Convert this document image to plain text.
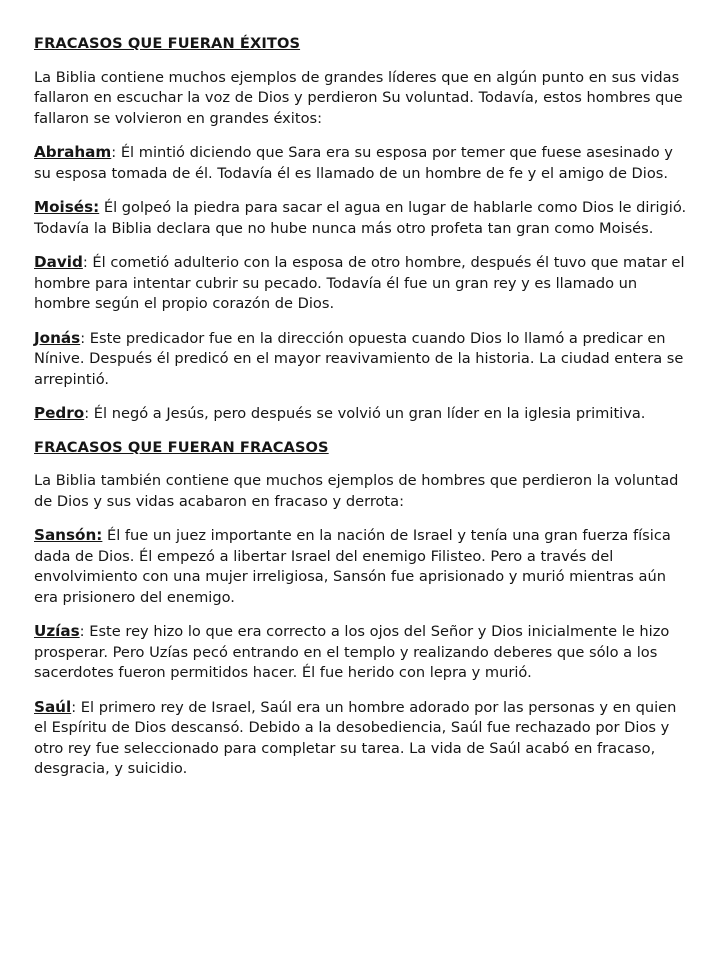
FRACASOS QUE FUERAN ÉXITOS
La Biblia contiene muchos ejemplos de grandes líderes que en algún punto en sus vidas fallaron en escuchar la voz de Dios y perdieron Su voluntad. Todavía, estos hombres que fallaron se volvieron en grandes éxitos:
Abraham: Él mintió diciendo que Sara era su esposa por temer que fuese asesinado y su esposa tomada de él. Todavía él es llamado de un hombre de fe y el amigo de Dios.
Moisés: Él golpeó la piedra para sacar el agua en lugar de hablarle como Dios le dirigió. Todavía la Biblia declara que no hube nunca más otro profeta tan gran como Moisés.
David: Él cometió adulterio con la esposa de otro hombre, después él tuvo que matar el hombre para intentar cubrir su pecado. Todavía él fue un gran rey y es llamado un hombre según el propio corazón de Dios.
Jonás: Este predicador fue en la dirección opuesta cuando Dios lo llamó a predicar en Nínive. Después él predicó en el mayor reavivamiento de la historia. La ciudad entera se arrepintió.
Pedro: Él negó a Jesús, pero después se volvió un gran líder en la iglesia primitiva.
FRACASOS QUE FUERAN FRACASOS
La Biblia también contiene que muchos ejemplos de hombres que perdieron la voluntad de Dios y sus vidas acabaron en fracaso y derrota:
Sansón: Él fue un juez importante en la nación de Israel y tenía una gran fuerza física dada de Dios. Él empezó a libertar Israel del enemigo Filisteo. Pero a través del envolvimiento con una mujer irreligiosa, Sansón fue aprisionado y murió mientras aún era prisionero del enemigo.
Uzías: Este rey hizo lo que era correcto a los ojos del Señor y Dios inicialmente le hizo prosperar. Pero Uzías pecó entrando en el templo y realizando deberes que sólo a los sacerdotes fueron permitidos hacer. Él fue herido con lepra y murió.
Saúl: El primero rey de Israel, Saúl era un hombre adorado por las personas y en quien el Espíritu de Dios descansó. Debido a la desobediencia, Saúl fue rechazado por Dios y otro rey fue seleccionado para completar su tarea. La vida de Saúl acabó en fracaso, desgracia, y suicidio.
